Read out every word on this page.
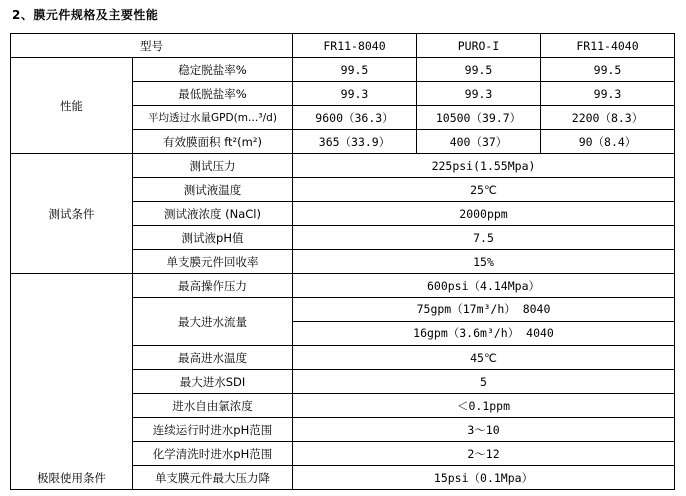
2、膜元件规格及主要性能
型号		FR11-8040	PURO-I	FR11-4040
性能	稳定脱盐率%	99.5	99.5	99.5
	最低脱盐率%	99.3	99.3	99.3
	平均透过水量GPD(m…³/d)	9600（36.3）	10500（39.7）	2200（8.3）
	有效膜面积 ft²(m²)	365（33.9）	400（37）	90（8.4）
测试条件	测试压力	225psi(1.55Mpa)		
	测试液温度	25℃		
	测试液浓度 (NaCl)	2000ppm		
	测试液pH值	7.5		
	单支膜元件回收率	15%		
极限使用条件	最高操作压力	600psi（4.14Mpa）		
	最大进水流量	75gpm（17m³/h） 8040
16gpm（3.6m³/h） 4040		

	最高进水温度	45℃		
	最大进水SDI	5		
	进水自由氯浓度	＜0.1ppm		
	连续运行时进水pH范围	3～10		
	化学清洗时进水pH范围	2～12		
	单支膜元件最大压力降	15psi（0.1Mpa）		
